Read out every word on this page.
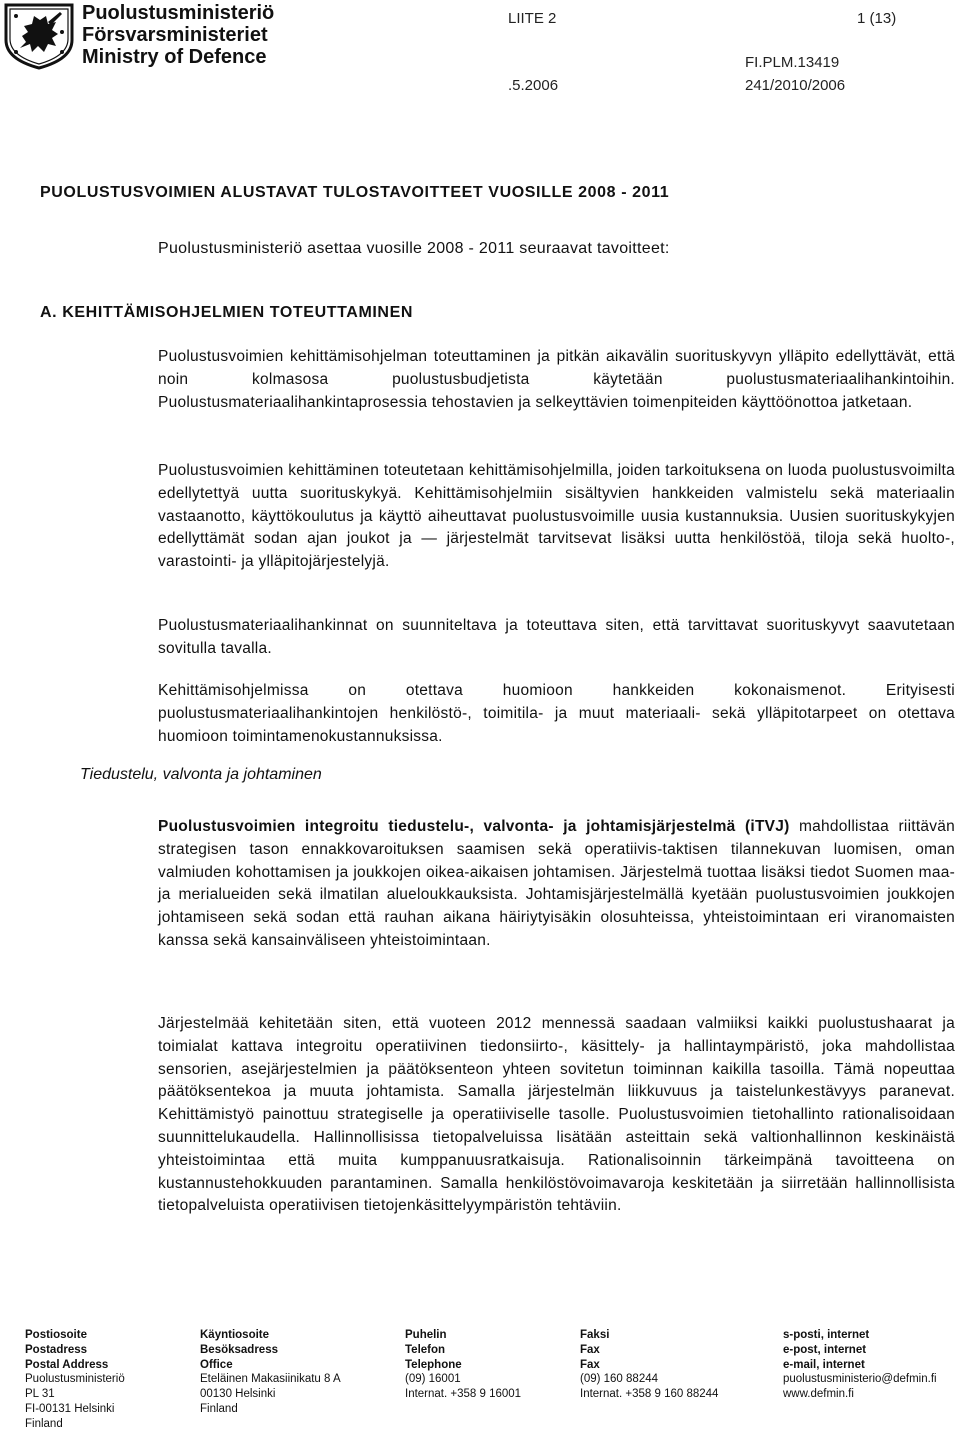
Puolustusministeriö
Försvarsministeriet
Ministry of Defence
LIITE 2	1 (13)
FI.PLM.13419
.5.2006	241/2010/2006
PUOLUSTUSVOIMIEN ALUSTAVAT TULOSTAVOITTEET VUOSILLE 2008 - 2011
Puolustusministeriö asettaa vuosille 2008 - 2011 seuraavat tavoitteet:
A. KEHITTÄMISOHJELMIEN TOTEUTTAMINEN

Puolustusvoimien kehittämisohjelman toteuttaminen ja pitkän aikavälin suorituskyvyn ylläpito edellyttävät, että noin kolmasosa puolustusbudjetista käytetään puolustusmateriaalihankintoihin. Puolustusmateriaalihankintaprosessia tehostavien ja selkeyttävien toimenpiteiden käyttöönottoa jatketaan.

Puolustusvoimien kehittäminen toteutetaan kehittämisohjelmilla, joiden tarkoituksena on luoda puolustusvoimilta edellytettyä uutta suorituskykyä. Kehittämisohjelmiin sisältyvien hankkeiden valmistelu sekä materiaalin vastaanotto, käyttökoulutus ja käyttö aiheuttavat puolustusvoimille uusia kustannuksia. Uusien suorituskykyjen edellyttämät sodan ajan joukot ja — järjestelmät tarvitsevat lisäksi uutta henkilöstöä, tiloja sekä huolto-, varastointi- ja ylläpitojärjestelyjä.

Puolustusmateriaalihankinnat on suunniteltava ja toteuttava siten, että tarvittavat suorituskyvyt saavutetaan sovitulla tavalla.

Kehittämisohjelmissa on otettava huomioon hankkeiden kokonaismenot. Erityisesti puolustusmateriaalihankintojen henkilöstö-, toimitila- ja muut materiaali- sekä ylläpitotarpeet on otettava huomioon toimintamenokustannuksissa.

Tiedustelu, valvonta ja johtaminen

Puolustusvoimien integroitu tiedustelu-, valvonta- ja johtamisjärjestelmä (iTVJ) mahdollistaa riittävän strategisen tason ennakkovaroituksen saamisen sekä operatiivis-taktisen tilannekuvan luomisen, oman valmiuden kohottamisen ja joukkojen oikea-aikaisen johtamisen. Järjestelmä tuottaa lisäksi tiedot Suomen maa- ja merialueiden sekä ilmatilan alueloukkauksista. Johtamisjärjestelmällä kyetään puolustusvoimien joukkojen johtamiseen sekä sodan että rauhan aikana häiriytyisäkin olosuhteissa, yhteistoimintaan eri viranomaisten kanssa sekä kansainväliseen yhteistoimintaan.

Järjestelmää kehitetään siten, että vuoteen 2012 mennessä saadaan valmiiksi kaikki puolustushaarat ja toimialat kattava integroitu operatiivinen tiedonsiirto-, käsittely- ja hallintaympäristö, joka mahdollistaa sensorien, asejärjestelmien ja päätöksenteon yhteen sovitetun toiminnan kaikilla tasoilla. Tämä nopeuttaa päätöksentekoa ja muuta johtamista. Samalla järjestelmän liikkuvuus ja taistelunkestävyys paranevat. Kehittämistyö painottuu strategiselle ja operatiiviselle tasolle. Puolustusvoimien tietohallinto rationalisoidaan suunnittelukaudella. Hallinnollisissa tietopalveluissa lisätään asteittain sekä valtionhallinnon keskinäistä yhteistoimintaa että muita kumppanuusratkaisuja. Rationalisoinnin tärkeimpänä tavoitteena on kustannustehokkuuden parantaminen. Samalla henkilöstövoimavaroja keskitetään ja siirretään hallinnollisista tietopalveluista operatiivisen tietojenkäsittelyympäristön tehtäviin.

Postiosoite
Postadress
Postal Address
Puolustusministeriö
PL 31
FI-00131 Helsinki
Finland
Käyntiosoite
Besöksadress
Office
Eteläinen Makasiinikatu 8 A
00130 Helsinki
Finland
Puhelin
Telefon
Telephone
(09) 16001
Internat. +358 9 16001
Faksi
Fax
Fax
(09) 160 88244
Internat. +358 9 160 88244
s-posti, internet
e-post, internet
e-mail, internet
puolustusministerio@defmin.fi
www.defmin.fi
